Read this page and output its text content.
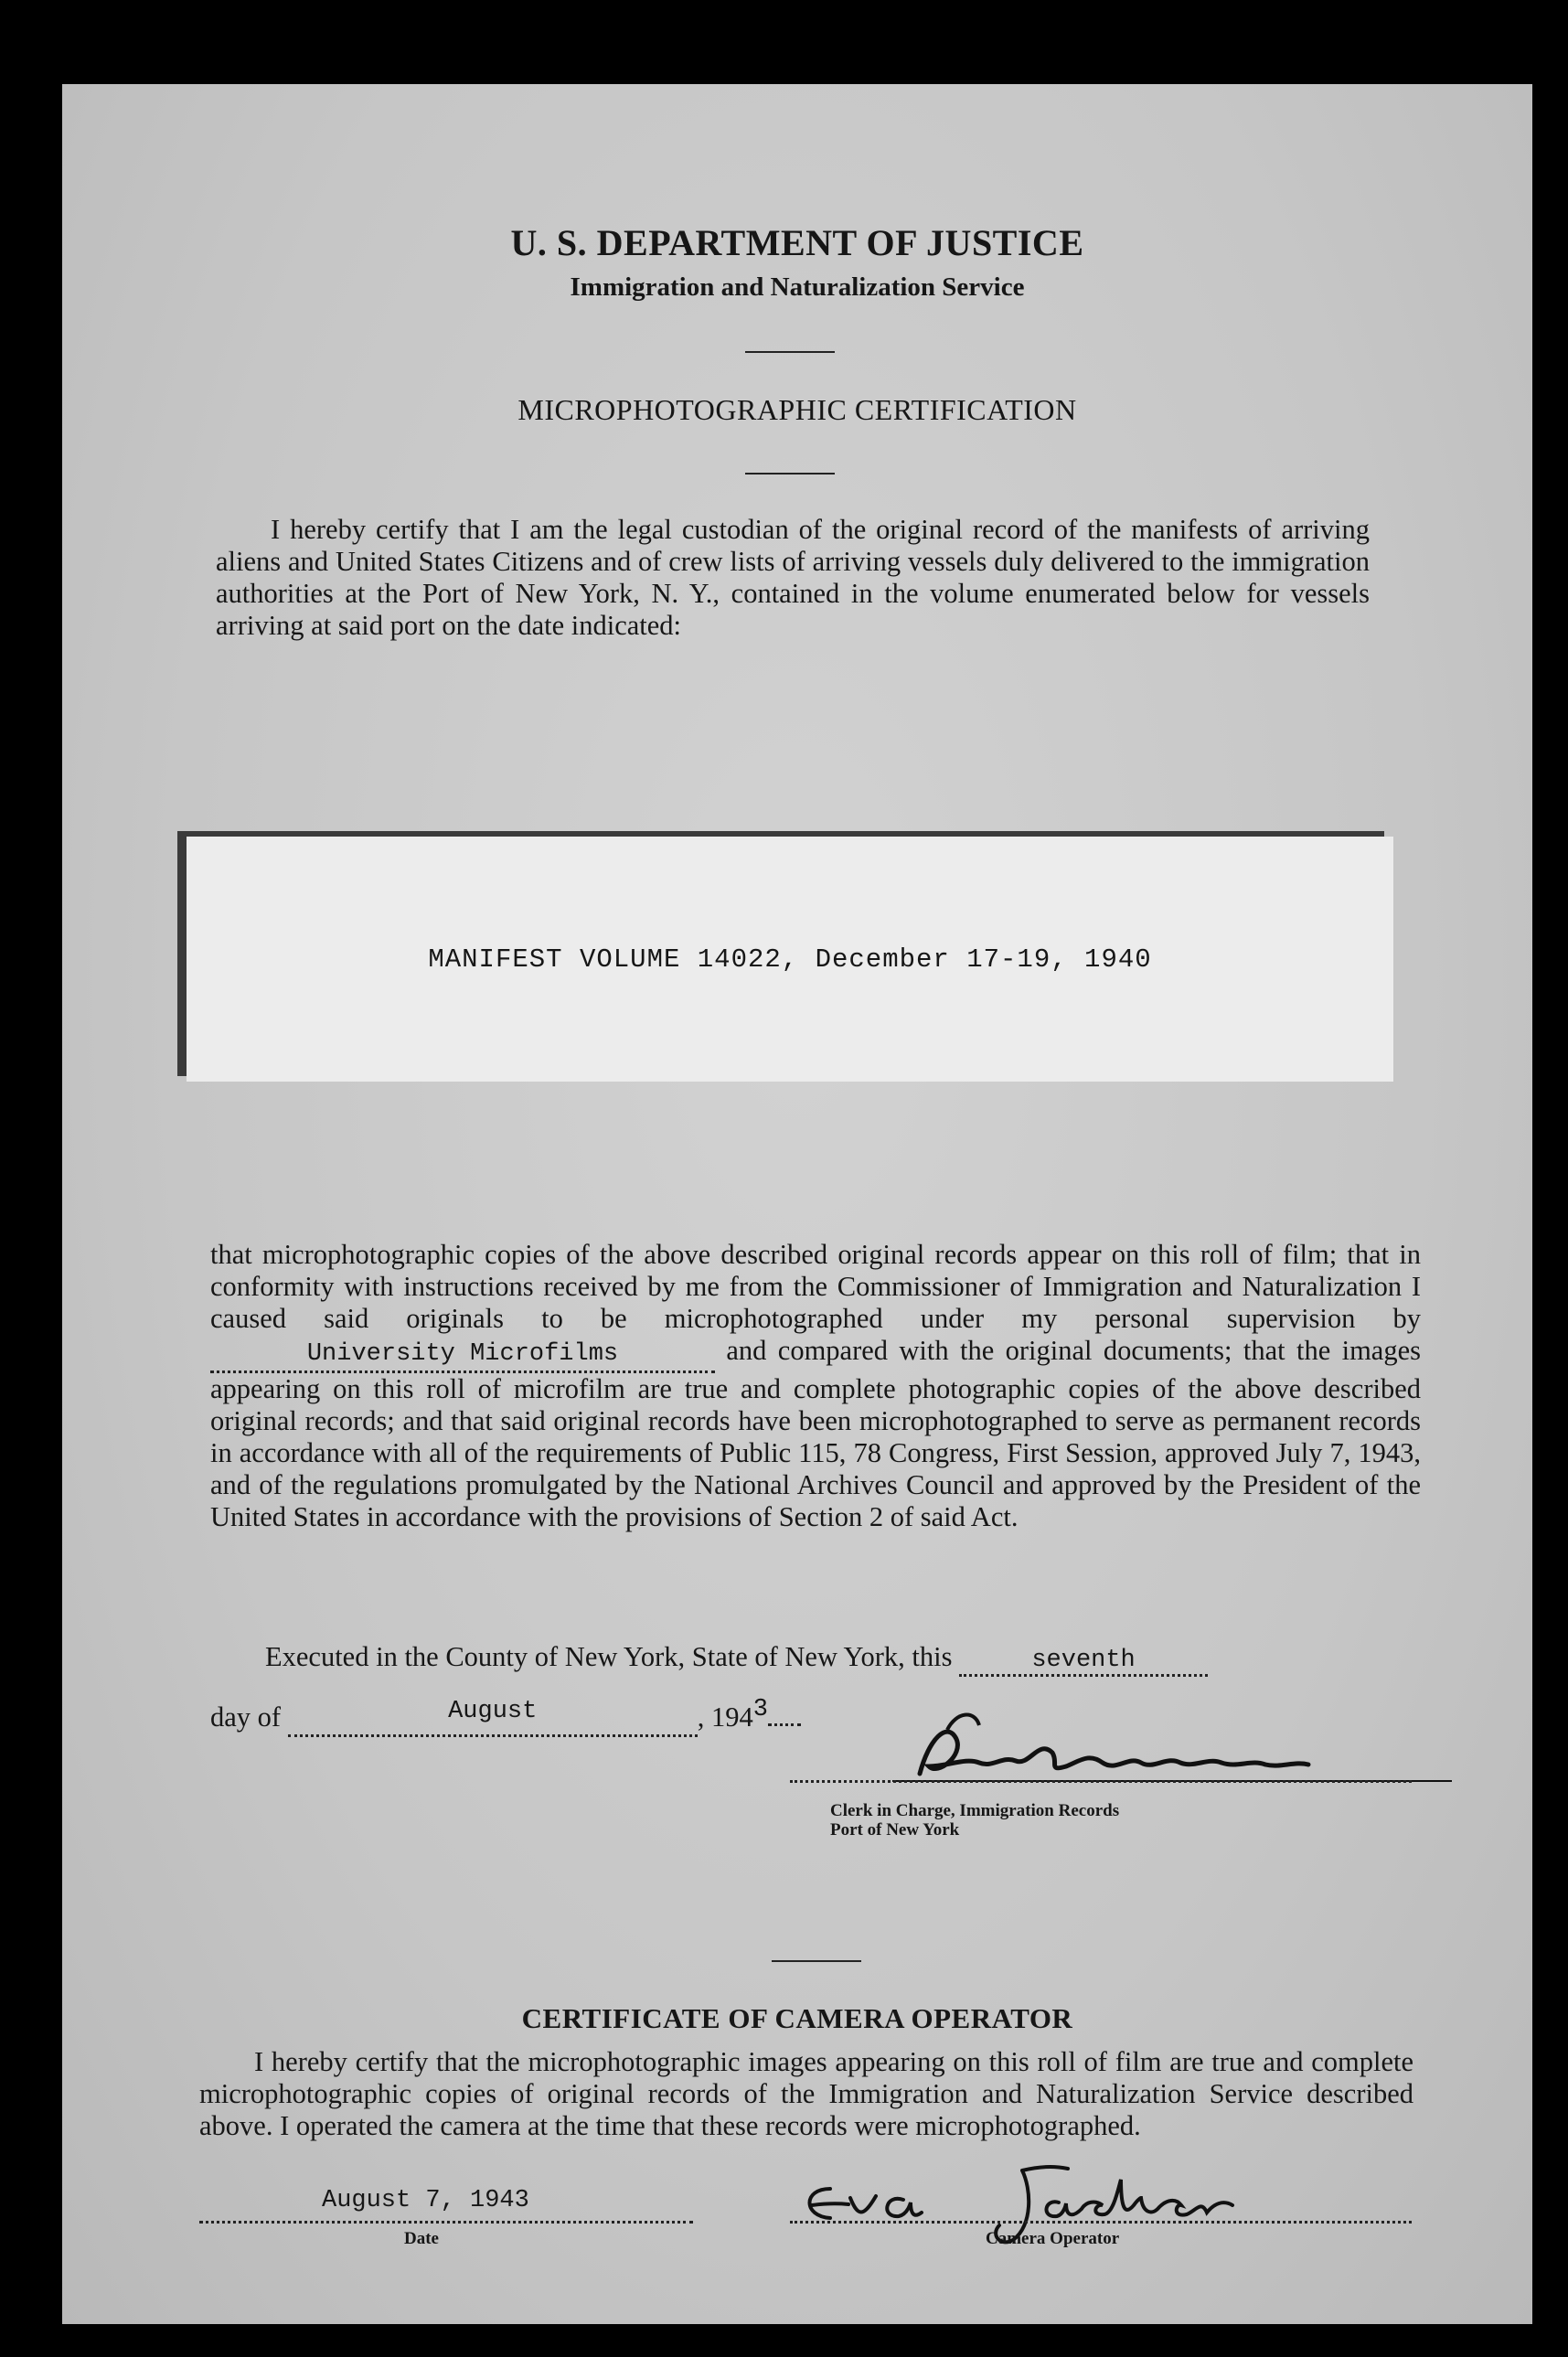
U. S. DEPARTMENT OF JUSTICE
Immigration and Naturalization Service
MICROPHOTOGRAPHIC CERTIFICATION

I hereby certify that I am the legal custodian of the original record of the manifests of arriving aliens and United States Citizens and of crew lists of arriving vessels duly delivered to the immigration authorities at the Port of New York, N. Y., contained in the volume enumerated below for vessels arriving at said port on the date indicated:

MANIFEST VOLUME 14022, December 17-19, 1940

that microphotographic copies of the above described original records appear on this roll of film; that in conformity with instructions received by me from the Commissioner of Immigration and Naturalization I caused said originals to be microphotographed under my personal supervision by University Microfilms	and compared with the original documents; that the images appearing on this roll of microfilm are true and complete photographic copies of the above described original records; and that said original records have been microphotographed to serve as permanent records in accordance with all of the requirements of Public 115, 78 Congress, First Session, approved July 7, 1943, and of the regulations promulgated by the National Archives Council and approved by the President of the United States in accordance with the provisions of Section 2 of said Act.

Executed in the County of New York, State of New York, this	seventh
day of	August	, 1943
Clerk in Charge, Immigration Records
Port of New York
CERTIFICATE OF CAMERA OPERATOR

I hereby certify that the microphotographic images appearing on this roll of film are true and complete microphotographic copies of original records of the Immigration and Naturalization Service described above. I operated the camera at the time that these records were microphotographed.

August 7, 1943
Date	Camera Operator
